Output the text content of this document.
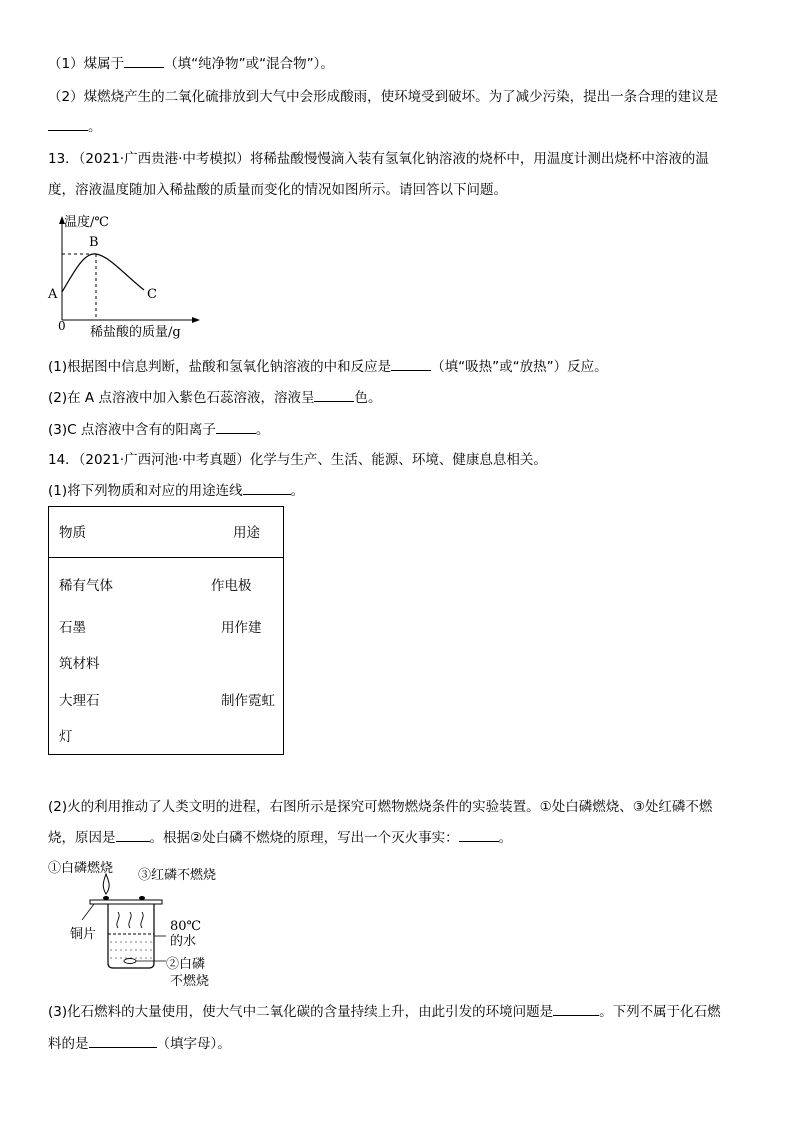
（1）煤属于	（填“纯净物”或“混合物”）。
（2）煤燃烧产生的二氧化硫排放到大气中会形成酸雨，使环境受到破坏。为了减少污染，提出一条合理的建议是
。
13．（2021·广西贵港·中考模拟）将稀盐酸慢慢滴入装有氢氧化钠溶液的烧杯中，用温度计测出烧杯中溶液的温
度，溶液温度随加入稀盐酸的质量而变化的情况如图所示。请回答以下问题。
温度/℃
稀盐酸的质量/g
0
A
B
C
(1)根据图中信息判断，盐酸和氢氧化钠溶液的中和反应是	（填“吸热”或“放热”）反应。
(2)在 A 点溶液中加入紫色石蕊溶液，溶液呈	色。
(3)C 点溶液中含有的阳离子	。
14．（2021·广西河池·中考真题）化学与生产、生活、能源、环境、健康息息相关。
(1)将下列物质和对应的用途连线	。
物质	用途
稀有气体	作电极
石墨	用作建
筑材料
大理石	制作霓虹
灯
(2)火的利用推动了人类文明的进程，右图所示是探究可燃物燃烧条件的实验装置。①处白磷燃烧、③处红磷不燃
烧，原因是	。根据②处白磷不燃烧的原理，写出一个灭火事实：	。
①白磷燃烧 ③红磷不燃烧
铜片
80℃
的水
②白磷
不燃烧
(3)化石燃料的大量使用，使大气中二氧化碳的含量持续上升，由此引发的环境问题是	。下列不属于化石燃
料的是	（填字母）。
